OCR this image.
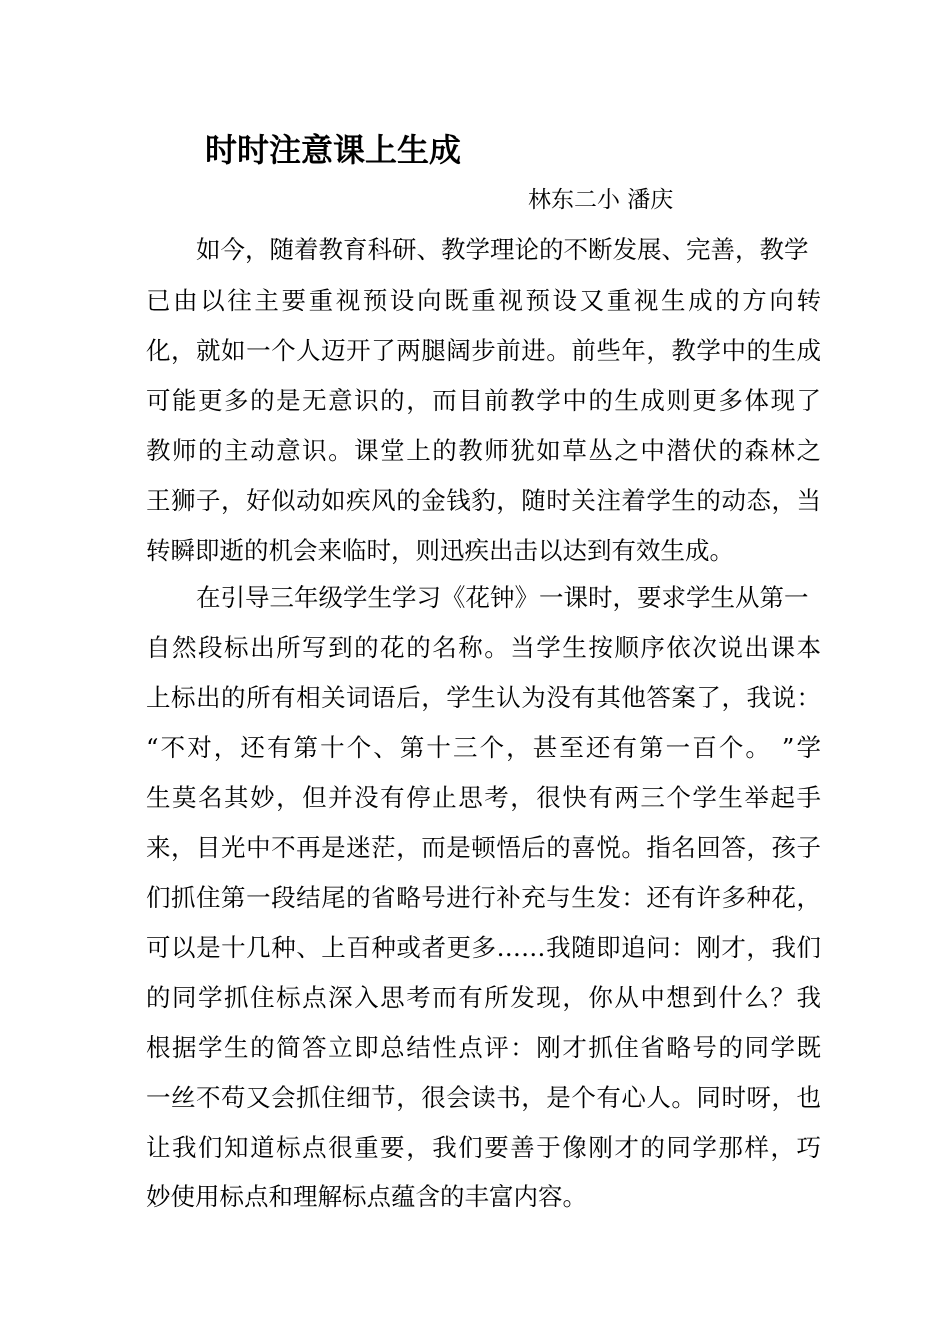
时时注意课上生成
林东二小 潘庆

如今，随着教育科研、教学理论的不断发展、完善，教学

已由以往主要重视预设向既重视预设又重视生成的方向转

化，就如一个人迈开了两腿阔步前进。前些年，教学中的生成

可能更多的是无意识的，而目前教学中的生成则更多体现了

教师的主动意识。课堂上的教师犹如草丛之中潜伏的森林之

王狮子，好似动如疾风的金钱豹，随时关注着学生的动态，当

转瞬即逝的机会来临时，则迅疾出击以达到有效生成。

在引导三年级学生学习《花钟》一课时，要求学生从第一

自然段标出所写到的花的名称。当学生按顺序依次说出课本

上标出的所有相关词语后，学生认为没有其他答案了，我说：

“不对，还有第十个、第十三个，甚至还有第一百个。 ”学

生莫名其妙，但并没有停止思考，很快有两三个学生举起手

来，目光中不再是迷茫，而是顿悟后的喜悦。指名回答，孩子

们抓住第一段结尾的省略号进行补充与生发：还有许多种花，

可以是十几种、上百种或者更多……我随即追问：刚才，我们

的同学抓住标点深入思考而有所发现，你从中想到什么？我

根据学生的简答立即总结性点评：刚才抓住省略号的同学既

一丝不苟又会抓住细节，很会读书，是个有心人。同时呀，也

让我们知道标点很重要，我们要善于像刚才的同学那样，巧

妙使用标点和理解标点蕴含的丰富内容。
